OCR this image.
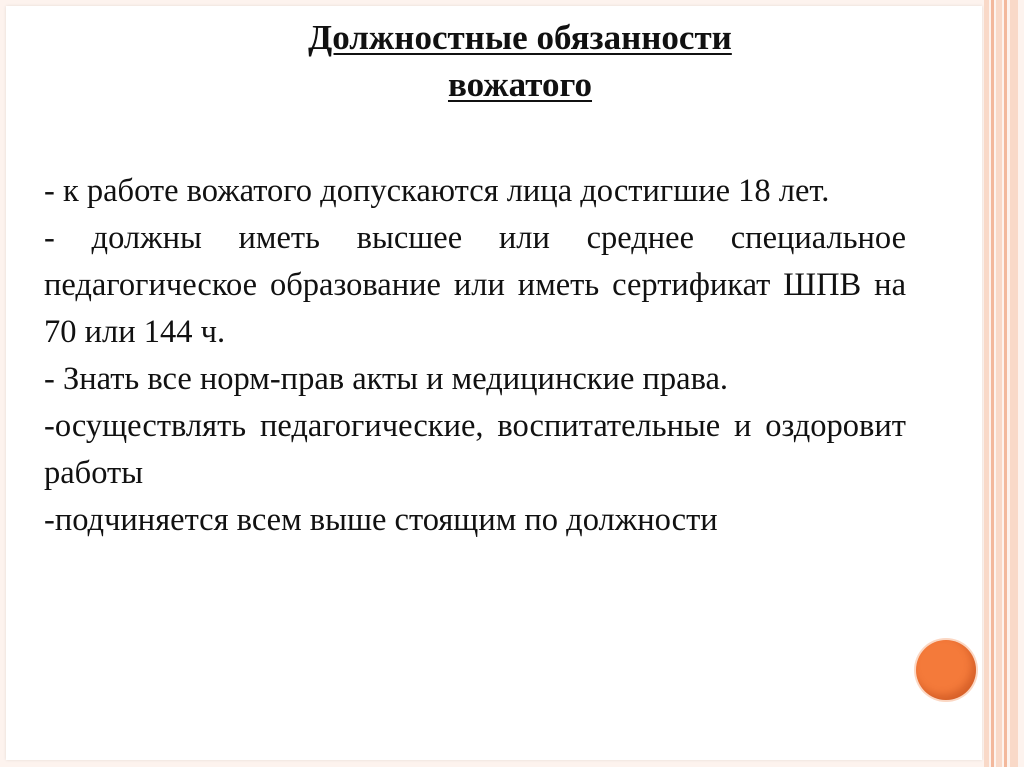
Должностные обязанности
вожатого

- к работе вожатого допускаются лица достигшие 18 лет.

- должны иметь высшее или среднее специальное педагогическое образование или иметь сертификат ШПВ на 70 или 144 ч.

- Знать все норм-прав акты и медицинские права.

-осуществлять педагогические, воспитательные и оздоровит работы

-подчиняется всем выше стоящим по должности
